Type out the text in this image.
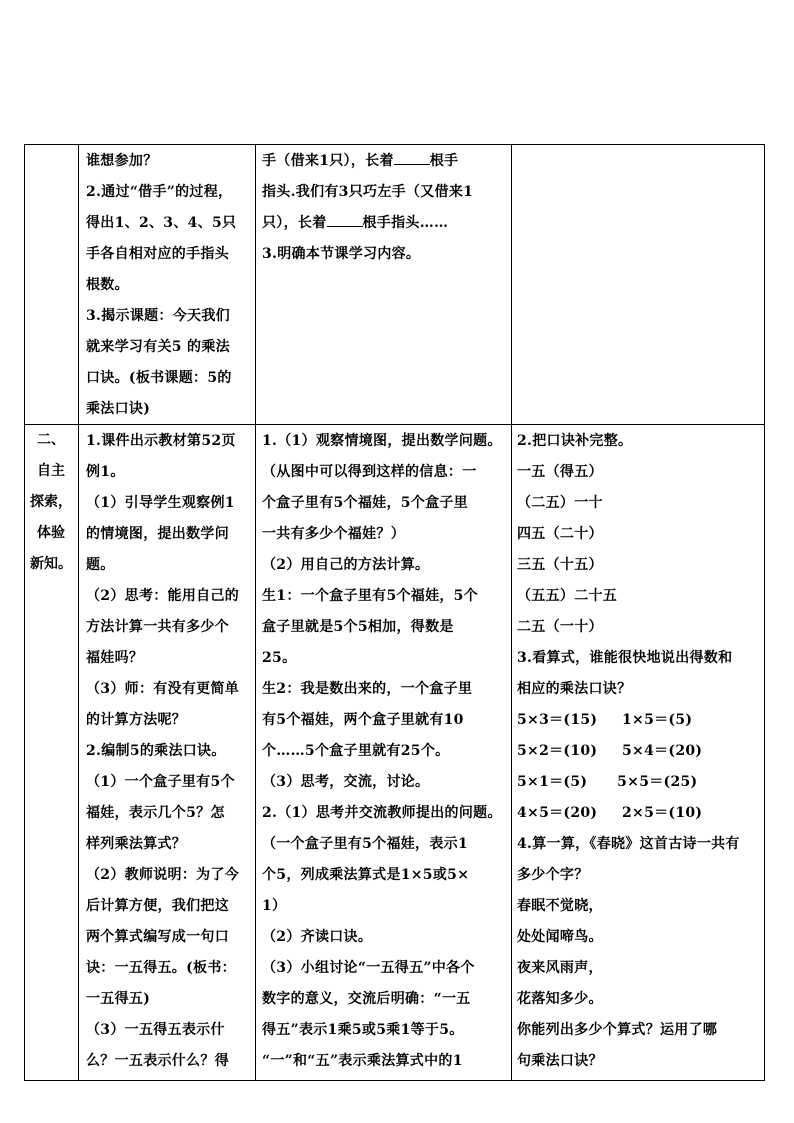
谁想参加？

2.通过“借手”的过程，

得出1、2、3、4、5只

手各自相对应的手指头

根数。

3.揭示课题：今天我们

就来学习有关5 的乘法

口诀。(板书课题：5的

乘法口诀)

手（借来1只），长着	根手

指头.我们有3只巧左手（又借来1

只），长着	根手指头……

3.明确本节课学习内容。

二、

自主

探索，

体验

新知。

1.课件出示教材第52页

例1。

（1）引导学生观察例1

的情境图，提出数学问

题。

（2）思考：能用自己的

方法计算一共有多少个

福娃吗？

（3）师：有没有更简单

的计算方法呢？

2.编制5的乘法口诀。

（1）一个盒子里有5个

福娃，表示几个5？怎

样列乘法算式？

（2）教师说明：为了今

后计算方便，我们把这

两个算式编写成一句口

诀：一五得五。(板书：

一五得五)

（3）一五得五表示什

么？一五表示什么？得

1.（1）观察情境图，提出数学问题。

（从图中可以得到这样的信息：一

个盒子里有5个福娃，5个盒子里

一共有多少个福娃？）

（2）用自己的方法计算。

生1：一个盒子里有5个福娃，5个

盒子里就是5个5相加，得数是

25。

生2：我是数出来的，一个盒子里

有5个福娃，两个盒子里就有10

个……5个盒子里就有25个。

（3）思考，交流，讨论。

2.（1）思考并交流教师提出的问题。

（一个盒子里有5个福娃，表示1

个5，列成乘法算式是1×5或5×

1）

（2）齐读口诀。

（3）小组讨论“一五得五”中各个

数字的意义，交流后明确：“一五

得五”表示1乘5或5乘1等于5。

“一”和“五”表示乘法算式中的1

2.把口诀补完整。

一五（得五）

（二五）一十

四五（二十）

三五（十五）

（五五）二十五

二五（一十）

3.看算式，谁能很快地说出得数和

相应的乘法口诀？

5×3＝(15)　  1×5＝(5)

5×2＝(10)　  5×4＝(20)

5×1＝(5)　   5×5＝(25)

4×5＝(20)　  2×5＝(10)

4.算一算，《春晓》这首古诗一共有

多少个字？

春眠不觉晓，

处处闻啼鸟。

夜来风雨声，

花落知多少。

你能列出多少个算式？运用了哪

句乘法口诀？
